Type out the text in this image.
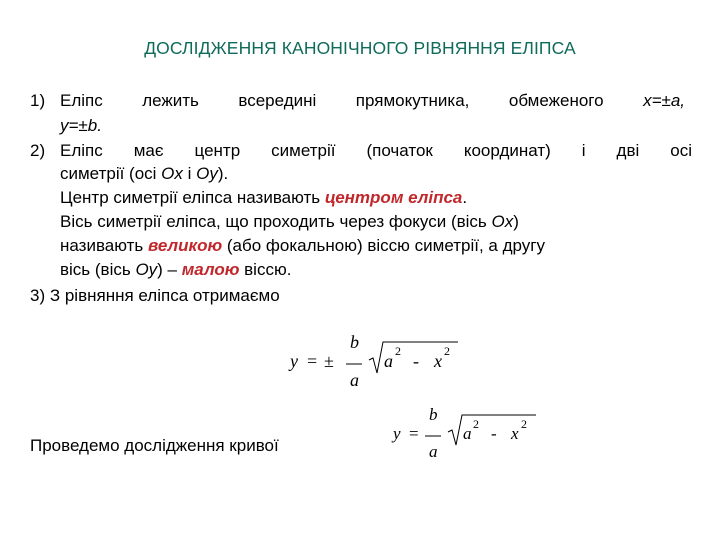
ДОСЛІДЖЕННЯ КАНОНІЧНОГО РІВНЯННЯ ЕЛІПСА
1) Еліпс лежить всередині прямокутника, обмеженого x=±a,
y=±b.
2) Еліпс має центр симетрії (початок координат) і дві осі
симетрії (осі Ox і Oy).
Центр симетрії еліпса називають центром еліпса.
Вісь симетрії еліпса, що проходить через фокуси (вісь Ox)
називають великою (або фокальною) віссю симетрії, а другу
вісь (вісь Oy) – малою віссю.
3) З рівняння еліпса отримаємо
y = ±
b
a
a 2 - x 2
Проведемо дослідження кривої
y =
b
a
a 2 - x 2
